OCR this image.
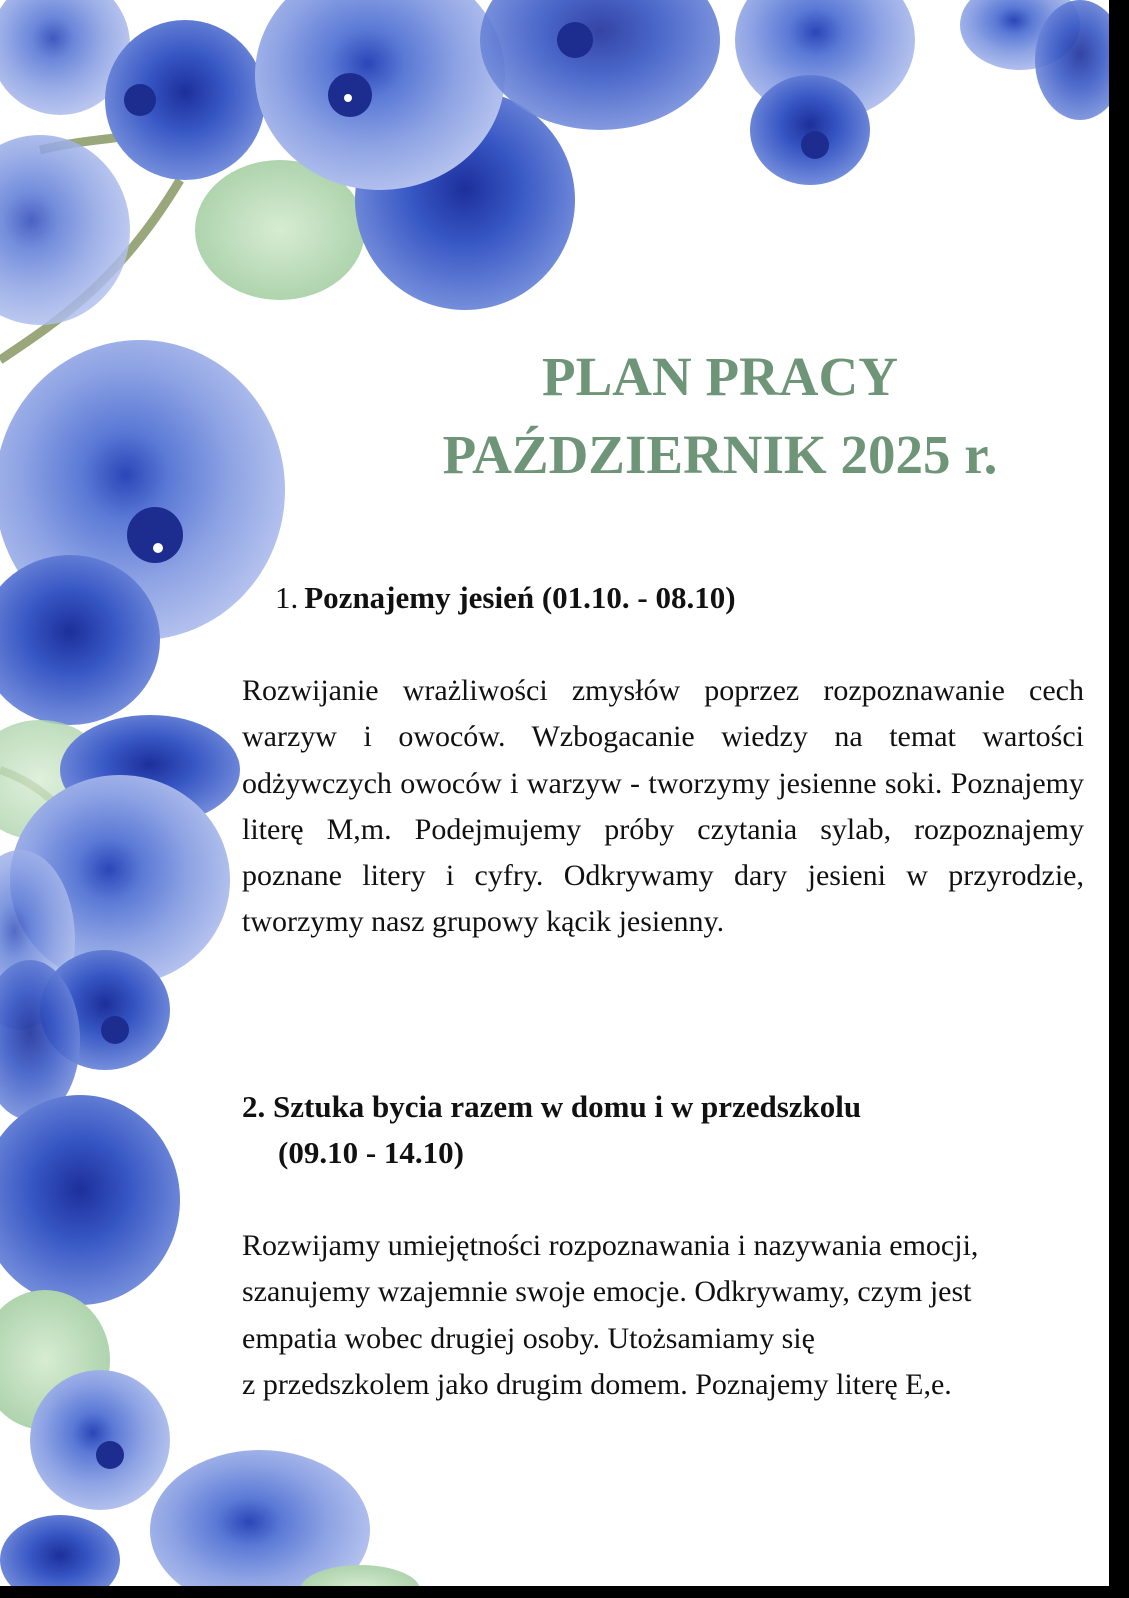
PLAN PRACY
PAŹDZIERNIK 2025 r.
1. Poznajemy jesień (01.10. - 08.10)
Rozwijanie wrażliwości zmysłów poprzez rozpoznawanie cech warzyw i owoców. Wzbogacanie wiedzy na temat wartości odżywczych owoców i warzyw - tworzymy jesienne soki. Poznajemy literę M,m. Podejmujemy próby czytania sylab, rozpoznajemy poznane litery i cyfry. Odkrywamy dary jesieni w przyrodzie, tworzymy nasz grupowy kącik jesienny.
2. Sztuka bycia razem w domu i w przedszkolu
(09.10 - 14.10)
Rozwijamy umiejętności rozpoznawania i nazywania emocji,
szanujemy wzajemnie swoje emocje. Odkrywamy, czym jest
empatia wobec drugiej osoby. Utożsamiamy się
z przedszkolem jako drugim domem. Poznajemy literę E,e.
